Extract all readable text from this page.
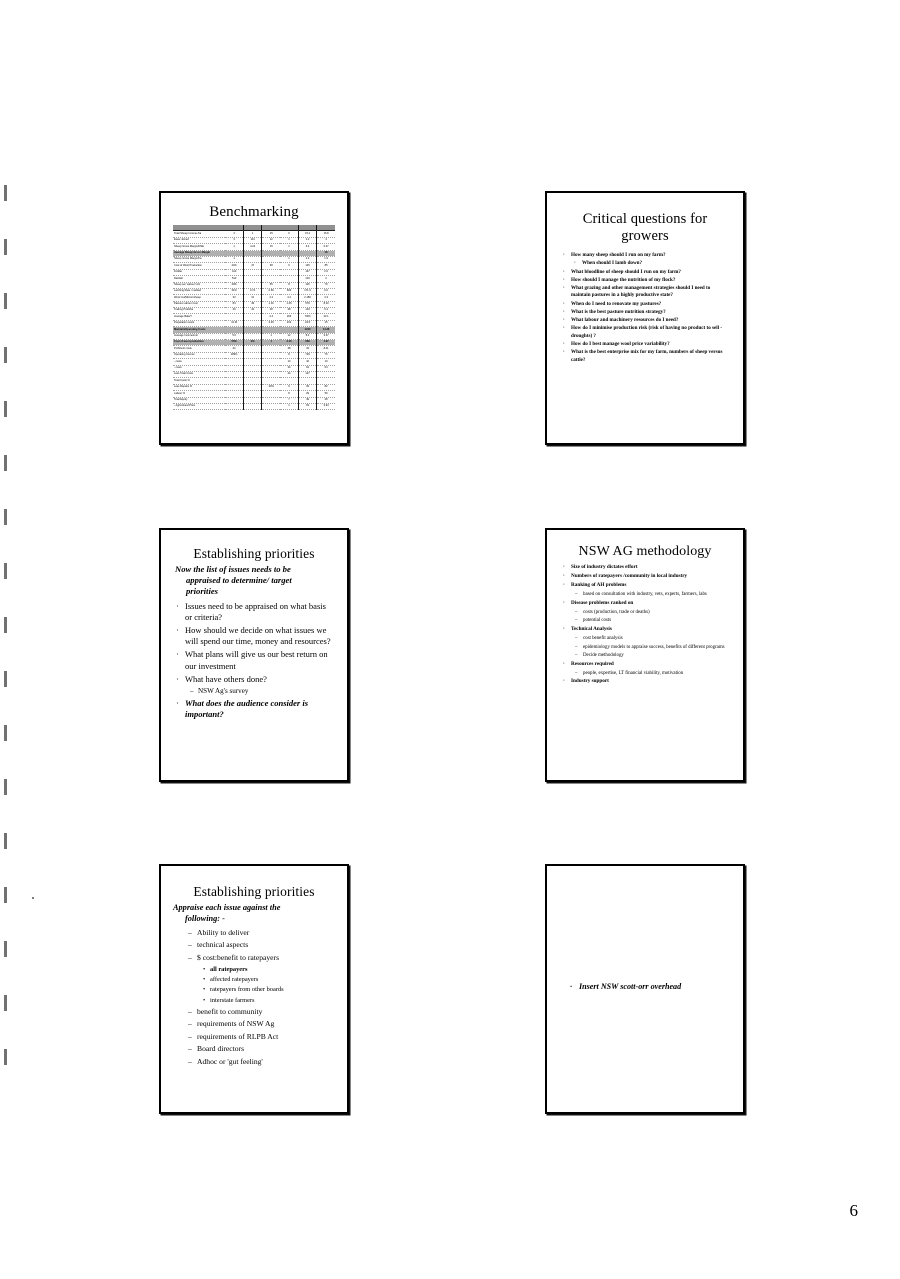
Benchmarking

Total Sheep Income /ha	3	1	15	6	15.2	16.8
Ewes Joined	3	113	12	1	4.2	4
Sheep Gross Margin/DSE	1	4.22	15	1	6.4	6.47
Average Sheep Gross Margin						16
Sheep Gross Margin/ha	1			1	1.4	1.9
Cost of Wool Production	44%	47	38	6	145	85
Fodder	413				147	2.6
Rainfall	513				133	2
Sheep per Labour Unit	49%		55	8	115	79
Lambing Rate / marked	31%	0.74	0.66	600	171.5	6.0
Wool Cut/Micron/sheep	33	31	4.2	4.4	2.180	4.3
Pasture Labour Cost	84	49	1.01	1.25	579	8.10
Trading Profit/ha	49	42	48	28	134	5.4
Average Bale/T			3.4	266	7000	22.1
Preparation costs	12.M		3.45	232	34.5	15
Maintain/Operating Costs					1240	14.26
Average Income/unit	5.0		1	12	8.4	3.47
Cost of wool production	55%	3%	1	3.15	609	1.07
Profit/unit costs	42			48	43	8.41
Operating Income	189%			8	729	76
- costs				13	42	10
- costs				34	64	64
Less Total Costs				44	127	
Total Costs %						
Less Repairs %			30%	9	39	82
Labour %				8	29	56
Total Equity				7	49	28
- Agricultural Price				1	63	3.94
Critical questions for growers
· How many sheep should I run on my farm?
· When should I lamb down?
· What bloodline of sheep should I run on my farm?
· How should I manage the nutrition of my flock?
· What grazing and other management strategies should I need to maintain pastures in a highly productive state?
· When do I need to renovate my pastures?
· What is the best pasture nutrition strategy?
· What labour and machinery resources do I need?
· How do I minimise production risk (risk of having no product to sell - droughts) ?
· How do I best manage wool price variability?
· What is the best enterprise mix for my farm, numbers of sheep versus cattle?
Establishing priorities
Now the list of issues needs to be
appraised to determine/ target
priorities
· Issues need to be appraised on what basis or criteria?
· How should we decide on what issues we will spend our time, money and resources?
· What plans will give us our best return on our investment
· What have others done?
– NSW Ag's survey
· What does the audience consider is important?
NSW AG methodology
· Size of industry dictates effort
· Numbers of ratepayers /community in local industry
· Ranking of AH problems
– based on consultation with industry, vets, experts, farmers, labs
· Disease problems ranked on
– costs (production, trade or deaths)
– potential costs
· Technical Analysis
– cost benefit analysis
– epidemiology models to appraise success, benefits of different programs
– Decide methodology
· Resources required
– people, expertise, LT financial viability, motivation
· Industry support
Establishing priorities
Appraise each issue against the
following: -
– Ability to deliver
– technical aspects
– $ cost:benefit to ratepayers
• all ratepayers
• affected ratepayers
• ratepayers from other boards
• interstate farmers
– benefit to community
– requirements of NSW Ag
– requirements of RLPB Act
– Board directors
– Adhoc or 'gut feeling'
· Insert NSW scott-orr overhead
6
